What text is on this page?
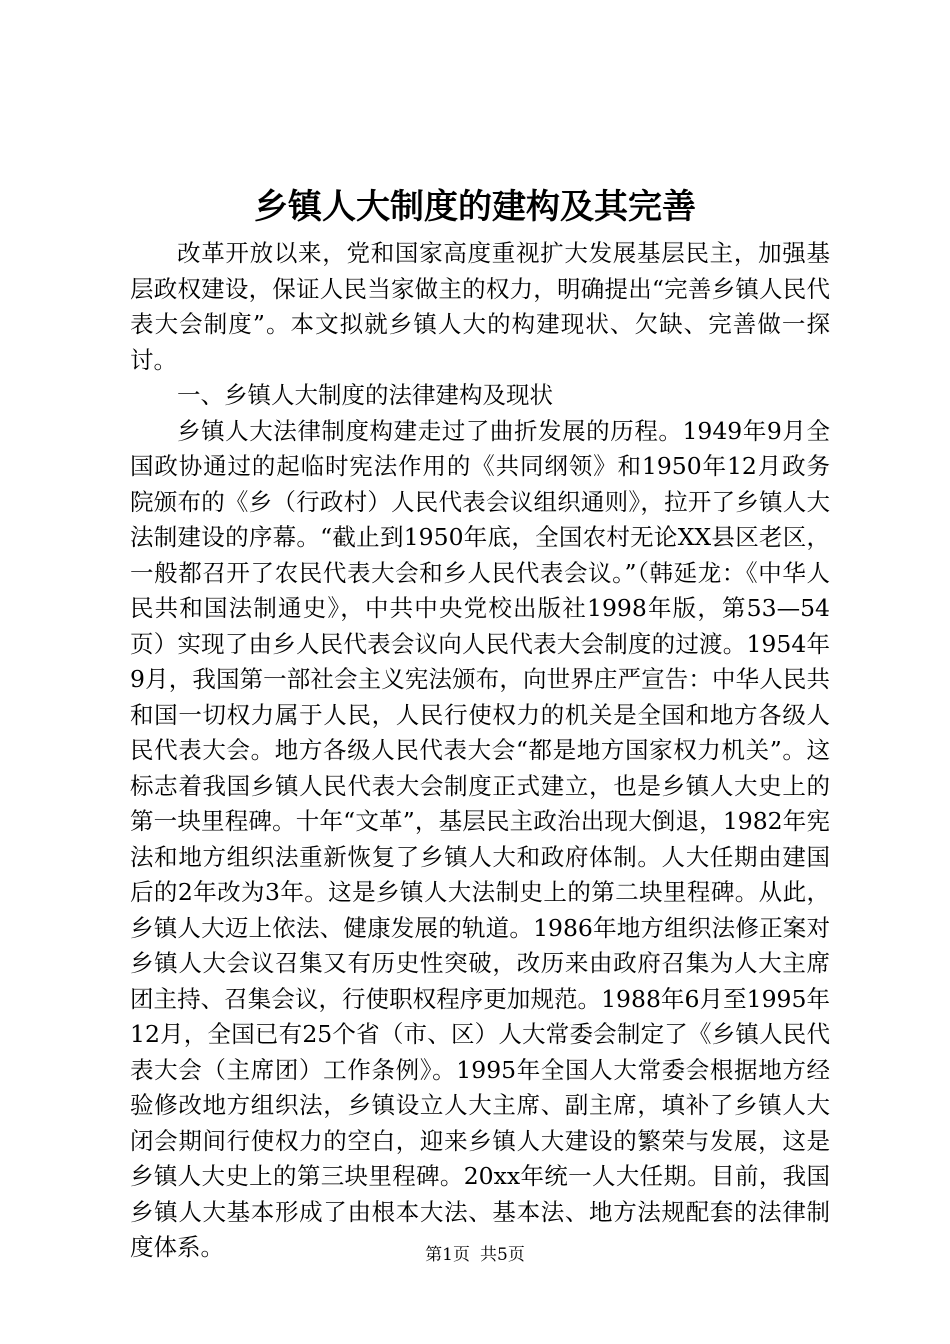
乡镇人大制度的建构及其完善

改革开放以来，党和国家高度重视扩大发展基层民主，加强基层政权建设，保证人民当家做主的权力，明确提出“完善乡镇人民代表大会制度”。本文拟就乡镇人大的构建现状、欠缺、完善做一探讨。

一、乡镇人大制度的法律建构及现状

乡镇人大法律制度构建走过了曲折发展的历程。1949年9月全国政协通过的起临时宪法作用的《共同纲领》和1950年12月政务院颁布的《乡（行政村）人民代表会议组织通则》，拉开了乡镇人大法制建设的序幕。“截止到1950年底，全国农村无论XX县区老区，一般都召开了农民代表大会和乡人民代表会议。”（韩延龙：《中华人民共和国法制通史》，中共中央党校出版社1998年版，第53—54页）实现了由乡人民代表会议向人民代表大会制度的过渡。1954年9月，我国第一部社会主义宪法颁布，向世界庄严宣告：中华人民共和国一切权力属于人民，人民行使权力的机关是全国和地方各级人民代表大会。地方各级人民代表大会“都是地方国家权力机关”。这标志着我国乡镇人民代表大会制度正式建立，也是乡镇人大史上的第一块里程碑。十年“文革”，基层民主政治出现大倒退，1982年宪法和地方组织法重新恢复了乡镇人大和政府体制。人大任期由建国后的2年改为3年。这是乡镇人大法制史上的第二块里程碑。从此，乡镇人大迈上依法、健康发展的轨道。1986年地方组织法修正案对乡镇人大会议召集又有历史性突破，改历来由政府召集为人大主席团主持、召集会议，行使职权程序更加规范。1988年6月至1995年12月，全国已有25个省（市、区）人大常委会制定了《乡镇人民代表大会（主席团）工作条例》。1995年全国人大常委会根据地方经验修改地方组织法，乡镇设立人大主席、副主席，填补了乡镇人大闭会期间行使权力的空白，迎来乡镇人大建设的繁荣与发展，这是乡镇人大史上的第三块里程碑。20xx年统一人大任期。目前，我国乡镇人大基本形成了由根本大法、基本法、地方法规配套的法律制度体系。	第1页 共5页
